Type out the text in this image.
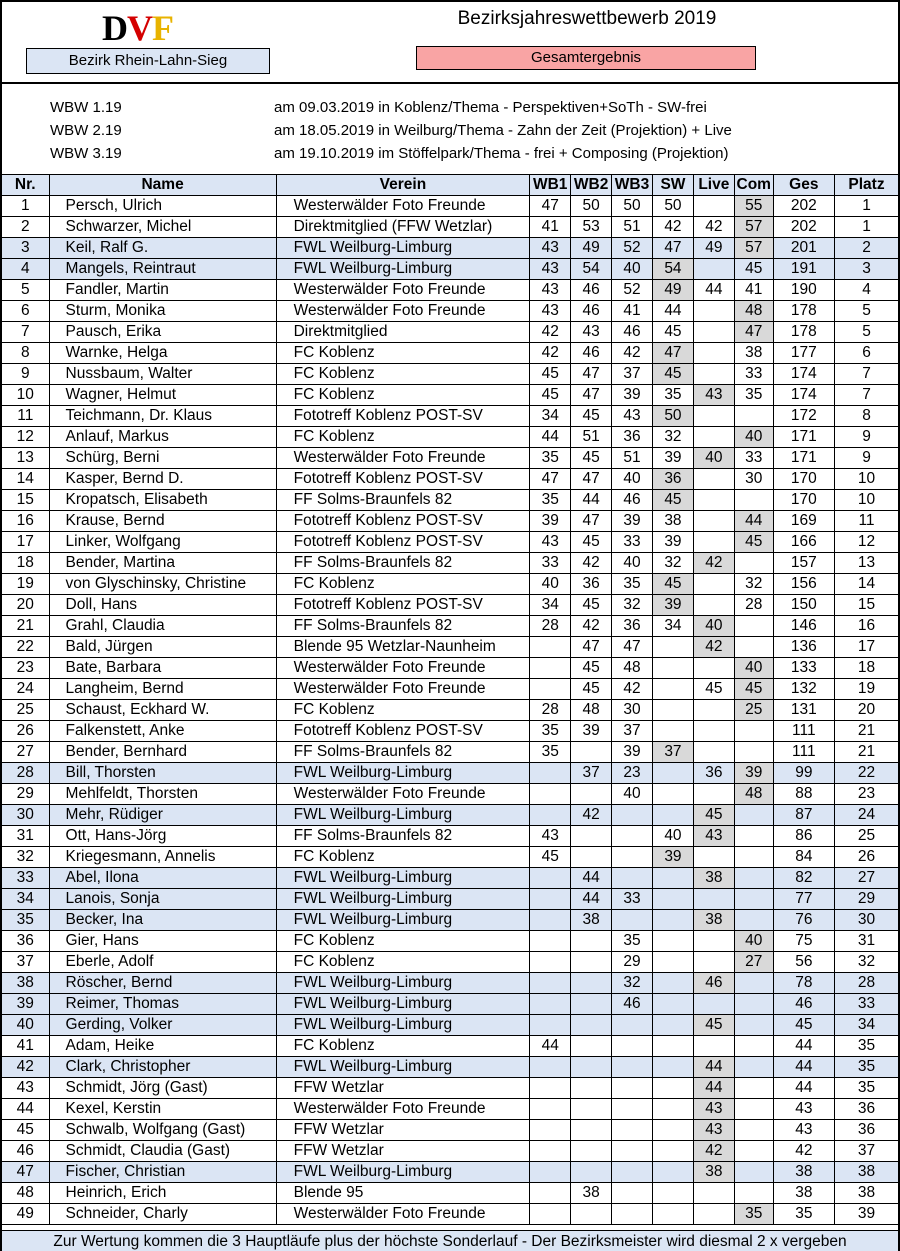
DVF
Bezirk Rhein-Lahn-Sieg
Bezirksjahreswettbewerb 2019
Gesamtergebnis
WBW 1.19	am 09.03.2019 in Koblenz/Thema - Perspektiven+SoTh - SW-frei
WBW 2.19	am 18.05.2019 in Weilburg/Thema - Zahn der Zeit (Projektion) + Live
WBW 3.19	am 19.10.2019 im Stöffelpark/Thema - frei + Composing (Projektion)
Nr.	Name	Verein	WB1	WB2	WB3	SW	Live	Com	Ges	Platz
1	Persch, Ulrich	Westerwälder Foto Freunde	47	50	50	50		55	202	1
2	Schwarzer, Michel	Direktmitglied (FFW Wetzlar)	41	53	51	42	42	57	202	1
3	Keil, Ralf G.	FWL Weilburg-Limburg	43	49	52	47	49	57	201	2
4	Mangels, Reintraut	FWL Weilburg-Limburg	43	54	40	54		45	191	3
5	Fandler, Martin	Westerwälder Foto Freunde	43	46	52	49	44	41	190	4
6	Sturm, Monika	Westerwälder Foto Freunde	43	46	41	44		48	178	5
7	Pausch, Erika	Direktmitglied	42	43	46	45		47	178	5
8	Warnke, Helga	FC Koblenz	42	46	42	47		38	177	6
9	Nussbaum, Walter	FC Koblenz	45	47	37	45		33	174	7
10	Wagner, Helmut	FC Koblenz	45	47	39	35	43	35	174	7
11	Teichmann, Dr. Klaus	Fototreff Koblenz POST-SV	34	45	43	50			172	8
12	Anlauf, Markus	FC Koblenz	44	51	36	32		40	171	9
13	Schürg, Berni	Westerwälder Foto Freunde	35	45	51	39	40	33	171	9
14	Kasper, Bernd D.	Fototreff Koblenz POST-SV	47	47	40	36		30	170	10
15	Kropatsch, Elisabeth	FF Solms-Braunfels 82	35	44	46	45			170	10
16	Krause, Bernd	Fototreff Koblenz POST-SV	39	47	39	38		44	169	11
17	Linker, Wolfgang	Fototreff Koblenz POST-SV	43	45	33	39		45	166	12
18	Bender, Martina	FF Solms-Braunfels 82	33	42	40	32	42		157	13
19	von Glyschinsky, Christine	FC Koblenz	40	36	35	45		32	156	14
20	Doll, Hans	Fototreff Koblenz POST-SV	34	45	32	39		28	150	15
21	Grahl, Claudia	FF Solms-Braunfels 82	28	42	36	34	40		146	16
22	Bald, Jürgen	Blende 95 Wetzlar-Naunheim		47	47		42		136	17
23	Bate, Barbara	Westerwälder Foto Freunde		45	48			40	133	18
24	Langheim, Bernd	Westerwälder Foto Freunde		45	42		45	45	132	19
25	Schaust, Eckhard W.	FC Koblenz	28	48	30			25	131	20
26	Falkenstett, Anke	Fototreff Koblenz POST-SV	35	39	37				111	21
27	Bender, Bernhard	FF Solms-Braunfels 82	35		39	37			111	21
28	Bill, Thorsten	FWL Weilburg-Limburg		37	23		36	39	99	22
29	Mehlfeldt, Thorsten	Westerwälder Foto Freunde			40			48	88	23
30	Mehr, Rüdiger	FWL Weilburg-Limburg		42			45		87	24
31	Ott, Hans-Jörg	FF Solms-Braunfels 82	43			40	43		86	25
32	Kriegesmann, Annelis	FC Koblenz	45			39			84	26
33	Abel, Ilona	FWL Weilburg-Limburg		44			38		82	27
34	Lanois, Sonja	FWL Weilburg-Limburg		44	33				77	29
35	Becker, Ina	FWL Weilburg-Limburg		38			38		76	30
36	Gier, Hans	FC Koblenz			35			40	75	31
37	Eberle, Adolf	FC Koblenz			29			27	56	32
38	Röscher, Bernd	FWL Weilburg-Limburg			32		46		78	28
39	Reimer, Thomas	FWL Weilburg-Limburg			46				46	33
40	Gerding, Volker	FWL Weilburg-Limburg					45		45	34
41	Adam, Heike	FC Koblenz	44						44	35
42	Clark, Christopher	FWL Weilburg-Limburg					44		44	35
43	Schmidt, Jörg (Gast)	FFW Wetzlar					44		44	35
44	Kexel, Kerstin	Westerwälder Foto Freunde					43		43	36
45	Schwalb, Wolfgang (Gast)	FFW Wetzlar					43		43	36
46	Schmidt, Claudia (Gast)	FFW Wetzlar					42		42	37
47	Fischer, Christian	FWL Weilburg-Limburg					38		38	38
48	Heinrich, Erich	Blende 95		38					38	38
49	Schneider, Charly	Westerwälder Foto Freunde						35	35	39
Zur Wertung kommen die 3 Hauptläufe plus der höchste Sonderlauf - Der Bezirksmeister wird diesmal 2 x vergeben
